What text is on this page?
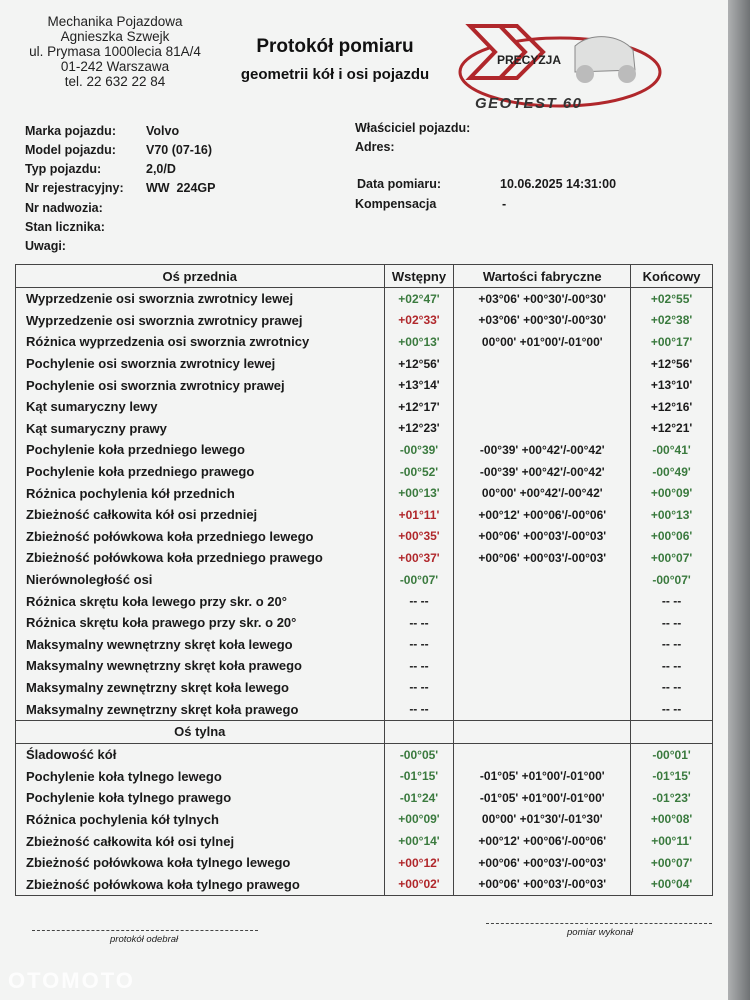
Mechanika Pojazdowa
Agnieszka Szwejk
ul. Prymasa 1000lecia 81A/4
01-242 Warszawa
tel. 22 632 22 84
Protokół pomiaru
geometrii kół i osi pojazdu
PRECYZJA
GEOTEST 60
Marka pojazdu: Volvo
Model pojazdu: V70 (07-16)
Typ pojazdu:	2,0/D
Nr rejestracyjny: WW  224GP
Nr nadwozia:
Stan licznika:
Uwagi:
Właściciel pojazdu:
Adres:
Data pomiaru:	10.06.2025 14:31:00
Kompensacja	-
Oś przednia	Wstępny	Wartości fabryczne	Końcowy
Wyprzedzenie osi sworznia zwrotnicy lewej	+02°47'	+03°06' +00°30'/-00°30'	+02°55'
Wyprzedzenie osi sworznia zwrotnicy prawej	+02°33'	+03°06' +00°30'/-00°30'	+02°38'
Różnica wyprzedzenia osi sworznia zwrotnicy	+00°13'	00°00' +01°00'/-01°00'	+00°17'
Pochylenie osi sworznia zwrotnicy lewej	+12°56'		+12°56'
Pochylenie osi sworznia zwrotnicy prawej	+13°14'		+13°10'
Kąt sumaryczny lewy	+12°17'		+12°16'
Kąt sumaryczny prawy	+12°23'		+12°21'
Pochylenie koła przedniego lewego	-00°39'	-00°39' +00°42'/-00°42'	-00°41'
Pochylenie koła przedniego prawego	-00°52'	-00°39' +00°42'/-00°42'	-00°49'
Różnica pochylenia kół przednich	+00°13'	00°00' +00°42'/-00°42'	+00°09'
Zbieżność całkowita kół osi przedniej	+01°11'	+00°12' +00°06'/-00°06'	+00°13'
Zbieżność połówkowa koła przedniego lewego	+00°35'	+00°06' +00°03'/-00°03'	+00°06'
Zbieżność połówkowa koła przedniego prawego	+00°37'	+00°06' +00°03'/-00°03'	+00°07'
Nierównoległość osi	-00°07'		-00°07'
Różnica skrętu koła lewego przy skr. o 20°	-- --		-- --
Różnica skrętu koła prawego przy skr. o 20°	-- --		-- --
Maksymalny wewnętrzny skręt koła lewego	-- --		-- --
Maksymalny wewnętrzny skręt koła prawego	-- --		-- --
Maksymalny zewnętrzny skręt koła lewego	-- --		-- --
Maksymalny zewnętrzny skręt koła prawego	-- --		-- --
Oś tylna			
Śladowość kół	-00°05'		-00°01'
Pochylenie koła tylnego lewego	-01°15'	-01°05' +01°00'/-01°00'	-01°15'
Pochylenie koła tylnego prawego	-01°24'	-01°05' +01°00'/-01°00'	-01°23'
Różnica pochylenia kół tylnych	+00°09'	00°00' +01°30'/-01°30'	+00°08'
Zbieżność całkowita kół osi tylnej	+00°14'	+00°12' +00°06'/-00°06'	+00°11'
Zbieżność połówkowa koła tylnego lewego	+00°12'	+00°06' +00°03'/-00°03'	+00°07'
Zbieżność połówkowa koła tylnego prawego	+00°02'	+00°06' +00°03'/-00°03'	+00°04'
protokół odebrał
pomiar wykonał
OTOMOTO
